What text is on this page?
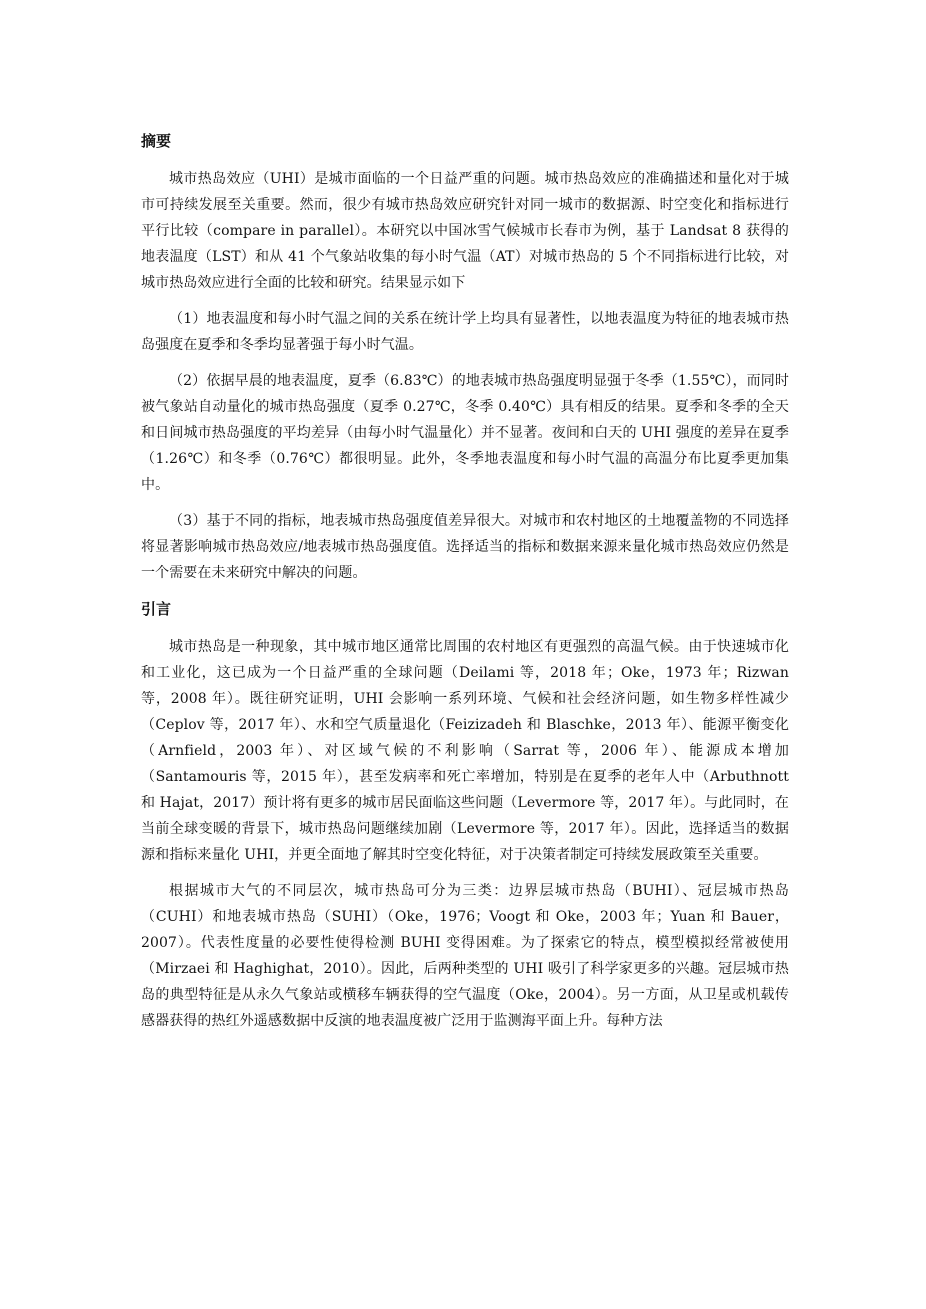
摘要

城市热岛效应（UHI）是城市面临的一个日益严重的问题。城市热岛效应的准确描述和量化对于城市可持续发展至关重要。然而，很少有城市热岛效应研究针对同一城市的数据源、时空变化和指标进行平行比较（compare in parallel）。本研究以中国冰雪气候城市长春市为例，基于 Landsat 8 获得的地表温度（LST）和从 41 个气象站收集的每小时气温（AT）对城市热岛的 5 个不同指标进行比较，对城市热岛效应进行全面的比较和研究。结果显示如下

（1）地表温度和每小时气温之间的关系在统计学上均具有显著性，以地表温度为特征的地表城市热岛强度在夏季和冬季均显著强于每小时气温。

（2）依据早晨的地表温度，夏季（6.83℃）的地表城市热岛强度明显强于冬季（1.55℃），而同时被气象站自动量化的城市热岛强度（夏季 0.27℃，冬季 0.40℃）具有相反的结果。夏季和冬季的全天和日间城市热岛强度的平均差异（由每小时气温量化）并不显著。夜间和白天的 UHI 强度的差异在夏季（1.26℃）和冬季（0.76℃）都很明显。此外，冬季地表温度和每小时气温的高温分布比夏季更加集中。

（3）基于不同的指标，地表城市热岛强度值差异很大。对城市和农村地区的土地覆盖物的不同选择将显著影响城市热岛效应/地表城市热岛强度值。选择适当的指标和数据来源来量化城市热岛效应仍然是一个需要在未来研究中解决的问题。

引言

城市热岛是一种现象，其中城市地区通常比周围的农村地区有更强烈的高温气候。由于快速城市化和工业化，这已成为一个日益严重的全球问题（Deilami 等，2018 年；Oke，1973 年；Rizwan 等，2008 年）。既往研究证明，UHI 会影响一系列环境、气候和社会经济问题，如生物多样性减少（Ceplov 等，2017 年）、水和空气质量退化（Feizizadeh 和 Blaschke，2013 年）、能源平衡变化（Arnfield，2003 年）、对区域气候的不利影响（Sarrat 等，2006 年）、能源成本增加（Santamouris 等，2015 年），甚至发病率和死亡率增加，特别是在夏季的老年人中（Arbuthnott 和 Hajat，2017）预计将有更多的城市居民面临这些问题（Levermore 等，2017 年）。与此同时，在当前全球变暖的背景下，城市热岛问题继续加剧（Levermore 等，2017 年）。因此，选择适当的数据源和指标来量化 UHI，并更全面地了解其时空变化特征，对于决策者制定可持续发展政策至关重要。

根据城市大气的不同层次，城市热岛可分为三类：边界层城市热岛（BUHI）、冠层城市热岛（CUHI）和地表城市热岛（SUHI）（Oke，1976；Voogt 和 Oke，2003 年；Yuan 和 Bauer，2007）。代表性度量的必要性使得检测 BUHI 变得困难。为了探索它的特点，模型模拟经常被使用（Mirzaei 和 Haghighat，2010）。因此，后两种类型的 UHI 吸引了科学家更多的兴趣。冠层城市热岛的典型特征是从永久气象站或横移车辆获得的空气温度（Oke，2004）。另一方面，从卫星或机载传感器获得的热红外遥感数据中反演的地表温度被广泛用于监测海平面上升。每种方法
